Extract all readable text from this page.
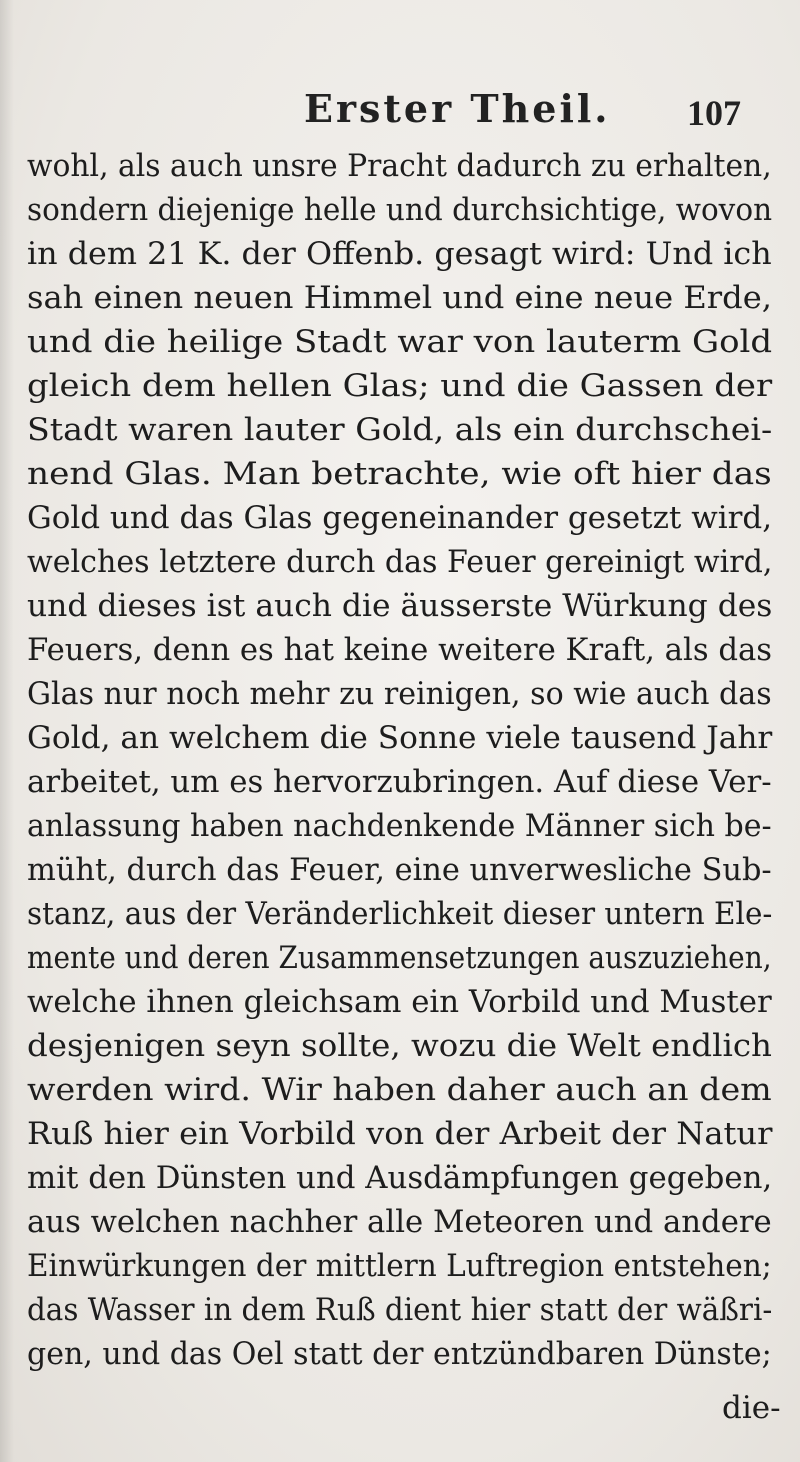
Erster Theil. 107
wohl, als auch unsre Pracht dadurch zu erhalten,
sondern diejenige helle und durchsichtige, wovon
in dem 21 K. der Offenb. gesagt wird: Und ich
sah einen neuen Himmel und eine neue Erde,
und die heilige Stadt war von lauterm Gold
gleich dem hellen Glas; und die Gassen der
Stadt waren lauter Gold, als ein durchschei-
nend Glas. Man betrachte, wie oft hier das
Gold und das Glas gegeneinander gesetzt wird,
welches letztere durch das Feuer gereinigt wird,
und dieses ist auch die äusserste Würkung des
Feuers, denn es hat keine weitere Kraft, als das
Glas nur noch mehr zu reinigen, so wie auch das
Gold, an welchem die Sonne viele tausend Jahr
arbeitet, um es hervorzubringen. Auf diese Ver-
anlassung haben nachdenkende Männer sich be-
müht, durch das Feuer, eine unverwesliche Sub-
stanz, aus der Veränderlichkeit dieser untern Ele-
mente und deren Zusammensetzungen auszuziehen,
welche ihnen gleichsam ein Vorbild und Muster
desjenigen seyn sollte, wozu die Welt endlich
werden wird. Wir haben daher auch an dem
Ruß hier ein Vorbild von der Arbeit der Natur
mit den Dünsten und Ausdämpfungen gegeben,
aus welchen nachher alle Meteoren und andere
Einwürkungen der mittlern Luftregion entstehen;
das Wasser in dem Ruß dient hier statt der wäßri-
gen, und das Oel statt der entzündbaren Dünste;
die-
